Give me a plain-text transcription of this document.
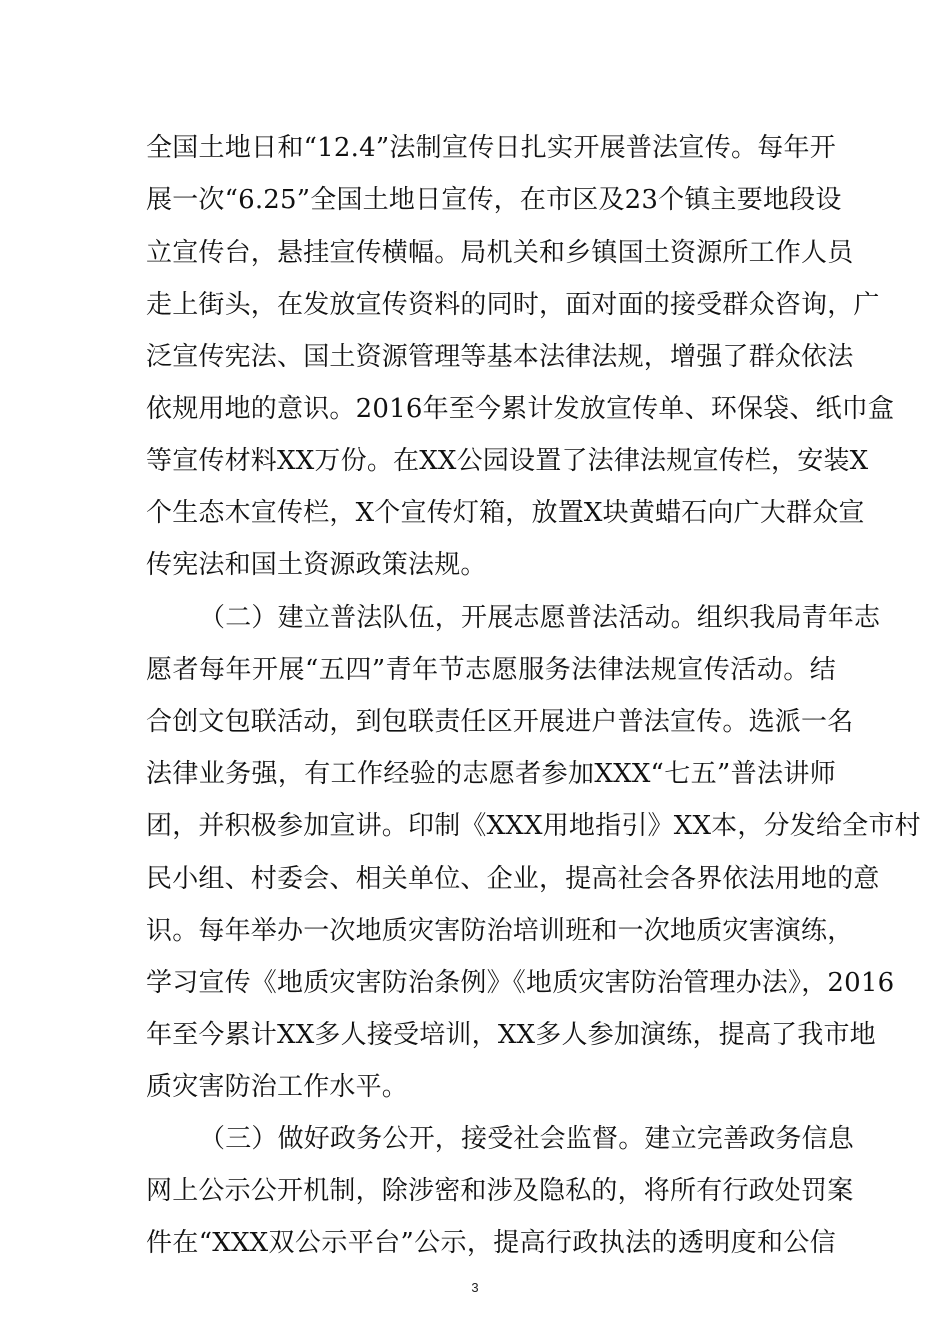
全国土地日和“12.4”法制宣传日扎实开展普法宣传。每年开
展一次“6.25”全国土地日宣传，在市区及23个镇主要地段设
立宣传台，悬挂宣传横幅。局机关和乡镇国土资源所工作人员
走上街头，在发放宣传资料的同时，面对面的接受群众咨询，广
泛宣传宪法、国土资源管理等基本法律法规，增强了群众依法
依规用地的意识。2016年至今累计发放宣传单、环保袋、纸巾盒
等宣传材料XX万份。在XX公园设置了法律法规宣传栏，安装X
个生态木宣传栏，X个宣传灯箱，放置X块黄蜡石向广大群众宣
传宪法和国土资源政策法规。
（二）建立普法队伍，开展志愿普法活动。组织我局青年志
愿者每年开展“五四”青年节志愿服务法律法规宣传活动。结
合创文包联活动，到包联责任区开展进户普法宣传。选派一名
法律业务强，有工作经验的志愿者参加XXX“七五”普法讲师
团，并积极参加宣讲。印制《XXX用地指引》XX本，分发给全市村
民小组、村委会、相关单位、企业，提高社会各界依法用地的意
识。每年举办一次地质灾害防治培训班和一次地质灾害演练，
学习宣传《地质灾害防治条例》《地质灾害防治管理办法》，2016
年至今累计XX多人接受培训，XX多人参加演练，提高了我市地
质灾害防治工作水平。
（三）做好政务公开，接受社会监督。建立完善政务信息
网上公示公开机制，除涉密和涉及隐私的，将所有行政处罚案
件在“XXX双公示平台”公示，提高行政执法的透明度和公信
3
